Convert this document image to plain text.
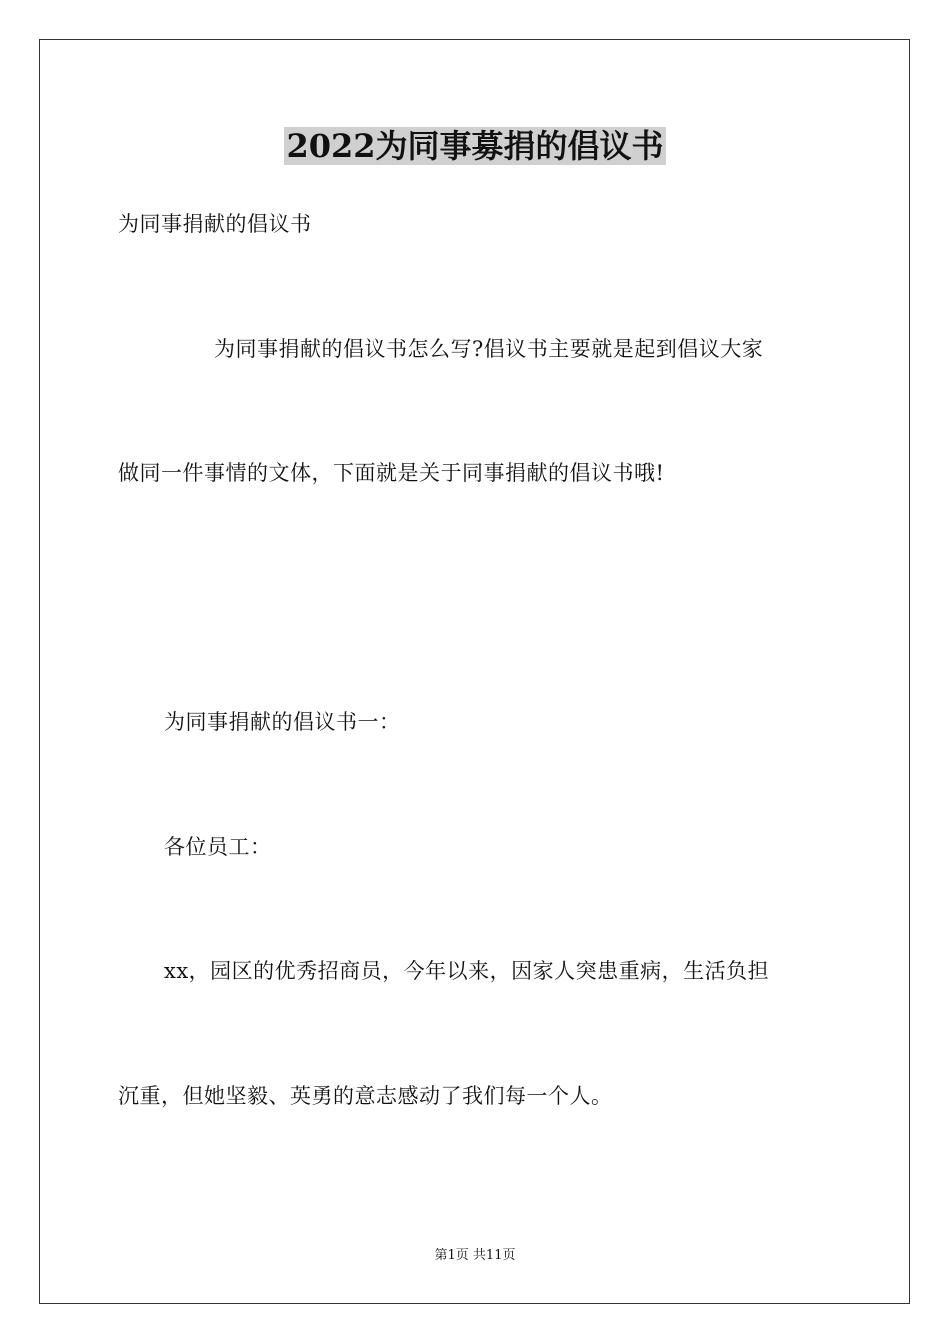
2022为同事募捐的倡议书
为同事捐献的倡议书
为同事捐献的倡议书怎么写?倡议书主要就是起到倡议大家
做同一件事情的文体，下面就是关于同事捐献的倡议书哦!
为同事捐献的倡议书一：
各位员工：
xx，园区的优秀招商员，今年以来，因家人突患重病，生活负担
沉重，但她坚毅、英勇的意志感动了我们每一个人。
第1页 共11页
